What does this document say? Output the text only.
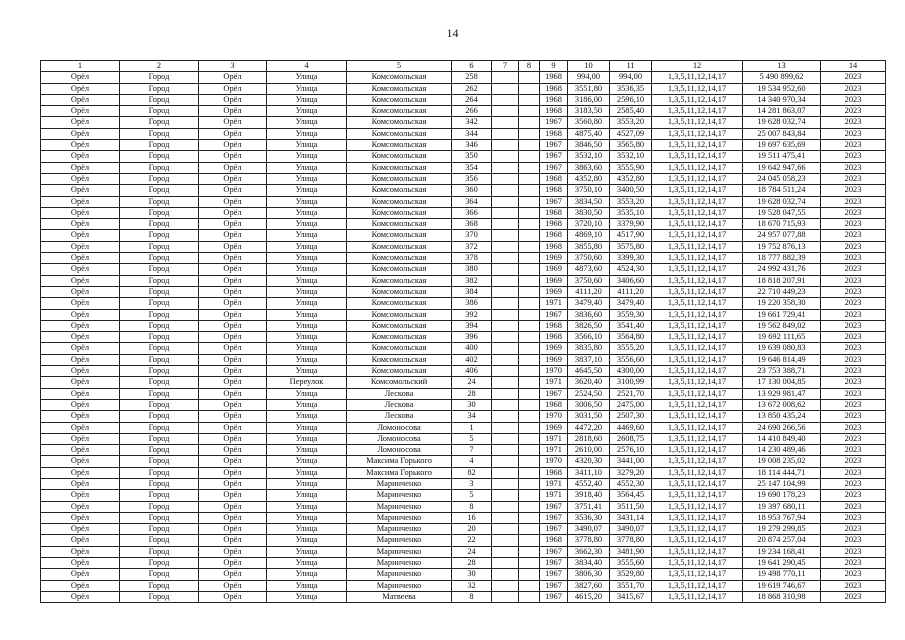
14
1	2	3	4	5	6	7	8	9	10	11	12	13	14
Орёл	Город	Орёл	Улица	Комсомольская	258			1968	994,00	994,00	1,3,5,11,12,14,17	5 490 899,62	2023
Орёл	Город	Орёл	Улица	Комсомольская	262			1968	3551,80	3536,35	1,3,5,11,12,14,17	19 534 952,60	2023
Орёл	Город	Орёл	Улица	Комсомольская	264			1968	3186,00	2596,10	1,3,5,11,12,14,17	14 340 970,34	2023
Орёл	Город	Орёл	Улица	Комсомольская	266			1968	3183,50	2585,40	1,3,5,11,12,14,17	14 281 863,07	2023
Орёл	Город	Орёл	Улица	Комсомольская	342			1967	3560,80	3553,20	1,3,5,11,12,14,17	19 628 032,74	2023
Орёл	Город	Орёл	Улица	Комсомольская	344			1968	4875,40	4527,09	1,3,5,11,12,14,17	25 007 843,84	2023
Орёл	Город	Орёл	Улица	Комсомольская	346			1967	3846,50	3565,80	1,3,5,11,12,14,17	19 697 635,69	2023
Орёл	Город	Орёл	Улица	Комсомольская	350			1967	3532,10	3532,10	1,3,5,11,12,14,17	19 511 475,41	2023
Орёл	Город	Орёл	Улица	Комсомольская	354			1967	3863,60	3555,90	1,3,5,11,12,14,17	19 642 947,66	2023
Орёл	Город	Орёл	Улица	Комсомольская	356			1968	4352,80	4352,80	1,3,5,11,12,14,17	24 045 058,23	2023
Орёл	Город	Орёл	Улица	Комсомольская	360			1968	3750,10	3400,50	1,3,5,11,12,14,17	18 784 511,24	2023
Орёл	Город	Орёл	Улица	Комсомольская	364			1967	3834,50	3553,20	1,3,5,11,12,14,17	19 628 032,74	2023
Орёл	Город	Орёл	Улица	Комсомольская	366			1968	3830,50	3535,10	1,3,5,11,12,14,17	19 528 047,55	2023
Орёл	Город	Орёл	Улица	Комсомольская	368			1968	3720,10	3379,90	1,3,5,11,12,14,17	18 670 715,93	2023
Орёл	Город	Орёл	Улица	Комсомольская	370			1968	4869,10	4517,90	1,3,5,11,12,14,17	24 957 077,88	2023
Орёл	Город	Орёл	Улица	Комсомольская	372			1968	3855,80	3575,80	1,3,5,11,12,14,17	19 752 876,13	2023
Орёл	Город	Орёл	Улица	Комсомольская	378			1969	3750,60	3399,30	1,3,5,11,12,14,17	18 777 882,39	2023
Орёл	Город	Орёл	Улица	Комсомольская	380			1969	4873,60	4524,30	1,3,5,11,12,14,17	24 992 431,76	2023
Орёл	Город	Орёл	Улица	Комсомольская	382			1969	3750,60	3406,60	1,3,5,11,12,14,17	18 818 207,91	2023
Орёл	Город	Орёл	Улица	Комсомольская	384			1969	4111,20	4111,20	1,3,5,11,12,14,17	22 710 449,23	2023
Орёл	Город	Орёл	Улица	Комсомольская	386			1971	3479,40	3479,40	1,3,5,11,12,14,17	19 220 358,30	2023
Орёл	Город	Орёл	Улица	Комсомольская	392			1967	3836,60	3559,30	1,3,5,11,12,14,17	19 661 729,41	2023
Орёл	Город	Орёл	Улица	Комсомольская	394			1968	3826,50	3541,40	1,3,5,11,12,14,17	19 562 849,02	2023
Орёл	Город	Орёл	Улица	Комсомольская	396			1968	3566,10	3564,80	1,3,5,11,12,14,17	19 692 111,65	2023
Орёл	Город	Орёл	Улица	Комсомольская	400			1969	3835,80	3555,20	1,3,5,11,12,14,17	19 639 080,83	2023
Орёл	Город	Орёл	Улица	Комсомольская	402			1969	3837,10	3556,60	1,3,5,11,12,14,17	19 646 814,49	2023
Орёл	Город	Орёл	Улица	Комсомольская	406			1970	4645,50	4300,00	1,3,5,11,12,14,17	23 753 388,71	2023
Орёл	Город	Орёл	Переулок	Комсомольский	24			1971	3620,40	3100,99	1,3,5,11,12,14,17	17 130 004,85	2023
Орёл	Город	Орёл	Улица	Лескова	28			1967	2524,50	2521,70	1,3,5,11,12,14,17	13 929 981,47	2023
Орёл	Город	Орёл	Улица	Лескова	30			1968	3006,50	2475,00	1,3,5,11,12,14,17	13 672 008,62	2023
Орёл	Город	Орёл	Улица	Лескова	34			1970	3031,50	2507,30	1,3,5,11,12,14,17	13 850 435,24	2023
Орёл	Город	Орёл	Улица	Ломоносова	1			1969	4472,20	4469,60	1,3,5,11,12,14,17	24 690 266,56	2023
Орёл	Город	Орёл	Улица	Ломоносова	5			1971	2818,60	2608,75	1,3,5,11,12,14,17	14 410 849,40	2023
Орёл	Город	Орёл	Улица	Ломоносова	7			1971	2610,00	2576,10	1,3,5,11,12,14,17	14 230 489,46	2023
Орёл	Город	Орёл	Улица	Максима Горького	4			1970	4320,30	3441,00	1,3,5,11,12,14,17	19 008 235,02	2023
Орёл	Город	Орёл	Улица	Максима Горького	82			1968	3411,10	3279,20	1,3,5,11,12,14,17	18 114 444,71	2023
Орёл	Город	Орёл	Улица	Маринченко	3			1971	4552,40	4552,30	1,3,5,11,12,14,17	25 147 104,99	2023
Орёл	Город	Орёл	Улица	Маринченко	5			1971	3918,40	3564,45	1,3,5,11,12,14,17	19 690 178,23	2023
Орёл	Город	Орёл	Улица	Маринченко	8			1967	3751,41	3511,50	1,3,5,11,12,14,17	19 397 680,11	2023
Орёл	Город	Орёл	Улица	Маринченко	16			1967	3536,30	3431,14	1,3,5,11,12,14,17	18 953 767,94	2023
Орёл	Город	Орёл	Улица	Маринченко	20			1967	3490,07	3490,07	1,3,5,11,12,14,17	19 279 299,85	2023
Орёл	Город	Орёл	Улица	Маринченко	22			1968	3778,80	3778,80	1,3,5,11,12,14,17	20 874 257,04	2023
Орёл	Город	Орёл	Улица	Маринченко	24			1967	3662,30	3481,90	1,3,5,11,12,14,17	19 234 168,41	2023
Орёл	Город	Орёл	Улица	Маринченко	28			1967	3834,40	3555,60	1,3,5,11,12,14,17	19 641 290,45	2023
Орёл	Город	Орёл	Улица	Маринченко	30			1967	3806,30	3529,80	1,3,5,11,12,14,17	19 498 770,11	2023
Орёл	Город	Орёл	Улица	Маринченко	32			1967	3827,60	3551,70	1,3,5,11,12,14,17	19 619 746,67	2023
Орёл	Город	Орёл	Улица	Матвеева	8			1967	4615,20	3415,67	1,3,5,11,12,14,17	18 868 310,98	2023
